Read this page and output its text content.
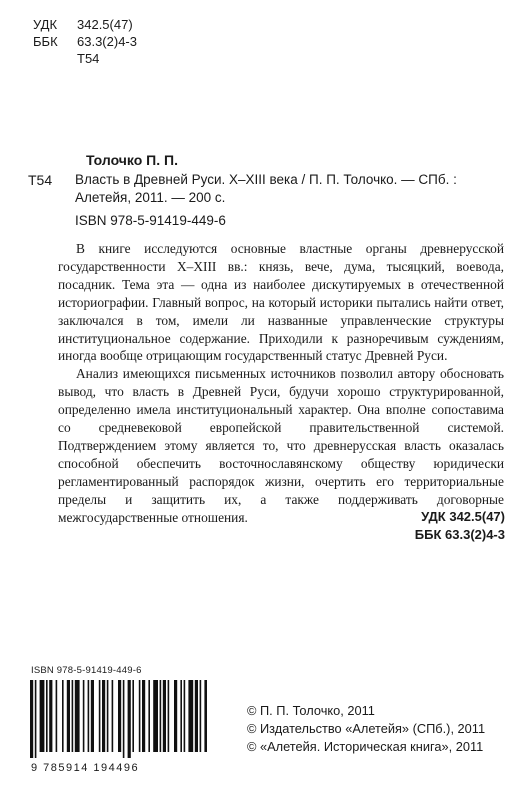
УДК	342.5(47)
ББК	63.3(2)4-3
Т54
Толочко П. П.
Т54 Власть в Древней Руси. X–XIII века / П. П. Толочко. — СПб. :
Алетейя, 2011. — 200 с.
ISBN 978-5-91419-449-6

В книге исследуются основные властные органы древнерусской государственности X–XIII вв.: князь, вече, дума, тысяцкий, воевода, посадник. Тема эта — одна из наиболее дискутируемых в отечественной историографии. Главный вопрос, на который историки пытались найти ответ, заключался в том, имели ли названные управленческие структуры институциональное содержание. Приходили к разноречивым суждениям, иногда вообще отрицающим государственный статус Древней Руси.

Анализ имеющихся письменных источников позволил автору обосновать вывод, что власть в Древней Руси, будучи хорошо структурированной, определенно имела институциональный характер. Она вполне сопоставима со средневековой европейской правительственной системой. Подтверждением этому является то, что древнерусская власть оказалась способной обеспечить восточнославянскому обществу юридически регламентированный распорядок жизни, очертить его территориальные пределы и защитить их, а также поддерживать договорные межгосударственные отношения.	УДК 342.5(47)
ББК 63.3(2)4-3
ISBN 978-5-91419-449-6
9 785914 194496
© П. П. Толочко, 2011
© Издательство «Алетейя» (СПб.), 2011
© «Алетейя. Историческая книга», 2011
